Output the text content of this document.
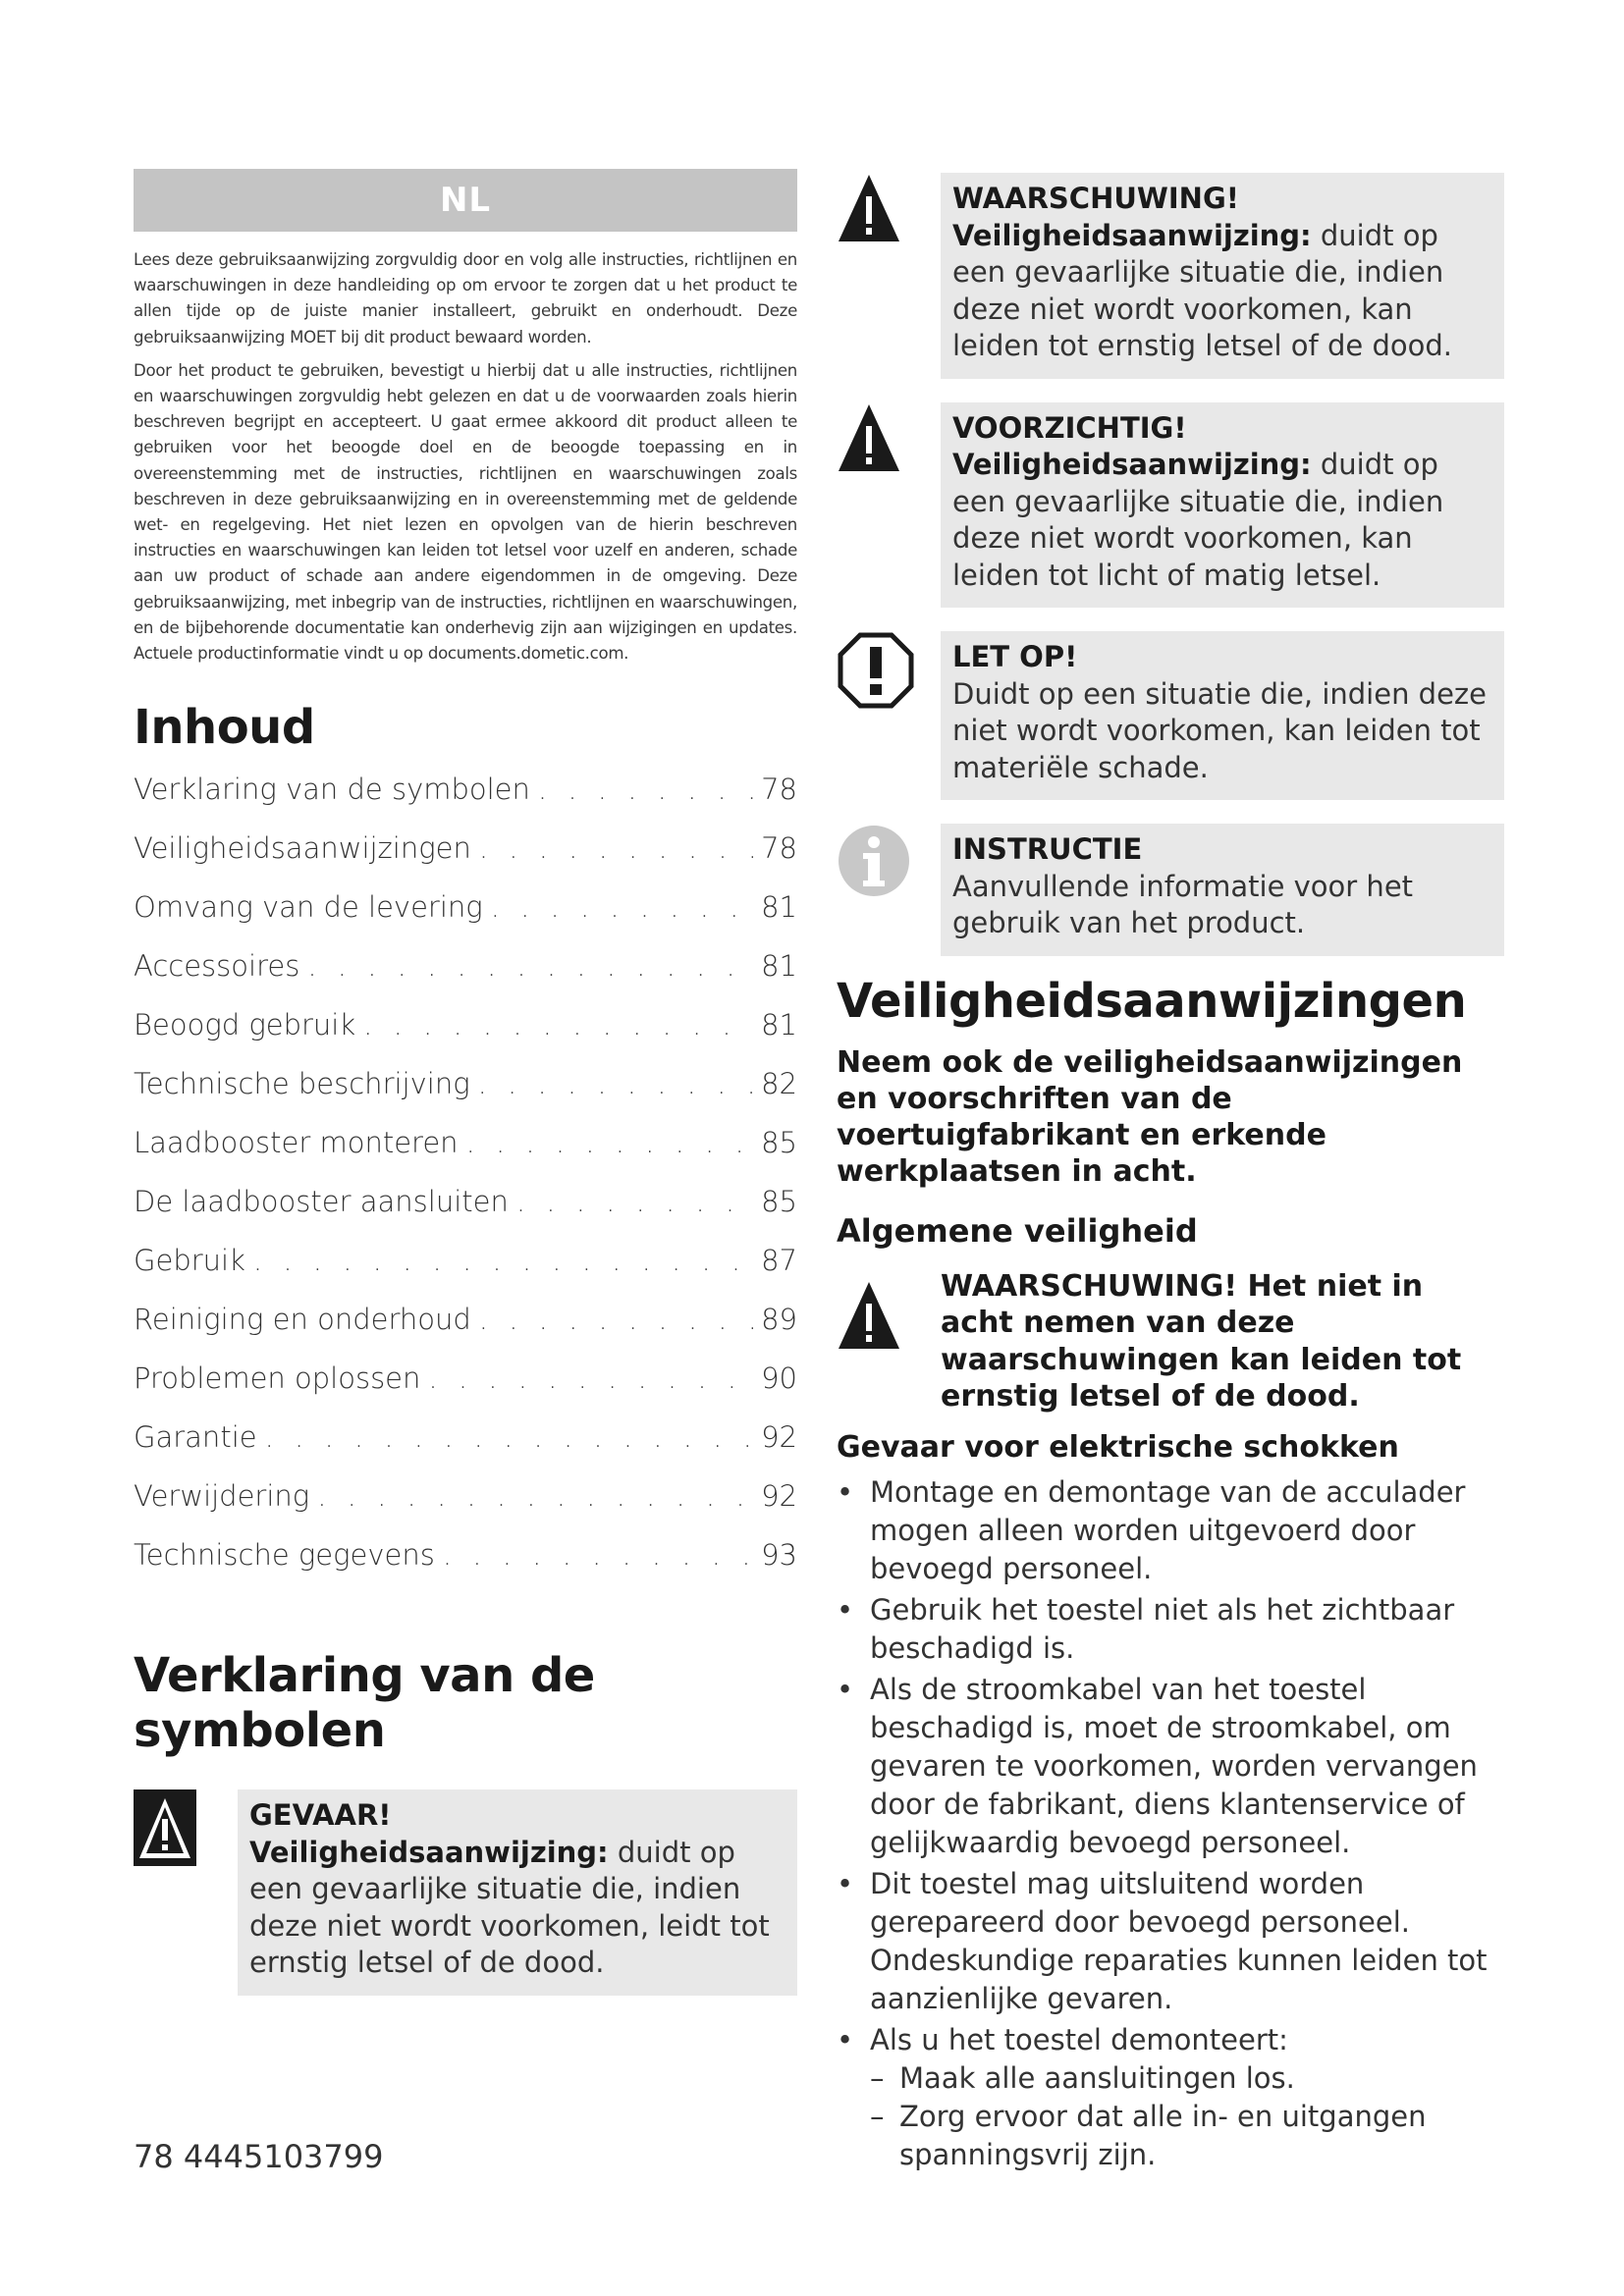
NL

Lees deze gebruiksaanwijzing zorgvuldig door en volg alle instructies, richtlijnen en waarschuwingen in deze handleiding op om ervoor te zorgen dat u het product te allen tijde op de juiste manier installeert, gebruikt en onderhoudt. Deze gebruiksaanwijzing MOET bij dit product bewaard worden.

Door het product te gebruiken, bevestigt u hierbij dat u alle instructies, richtlijnen en waarschuwingen zorgvuldig hebt gelezen en dat u de voorwaarden zoals hierin beschreven begrijpt en accepteert. U gaat ermee akkoord dit product alleen te gebruiken voor het beoogde doel en de beoogde toepassing en in overeenstemming met de instructies, richtlijnen en waarschuwingen zoals beschreven in deze gebruiksaanwijzing en in overeenstemming met de geldende wet- en regelgeving. Het niet lezen en opvolgen van de hierin beschreven instructies en waarschuwingen kan leiden tot letsel voor uzelf en anderen, schade aan uw product of schade aan andere eigendommen in de omgeving. Deze gebruiksaanwijzing, met inbegrip van de instructies, richtlijnen en waarschuwingen, en de bijbehorende documentatie kan onderhevig zijn aan wijzigingen en updates. Actuele productinformatie vindt u op documents.dometic.com.

Inhoud
Verklaring van de symbolen . . .	78
Veiligheidsaanwijzingen . . .	78
Omvang van de levering . . .	81
Accessoires . . .	81
Beoogd gebruik . . .	81
Technische beschrijving . . .	82
Laadbooster monteren . . .	85
De laadbooster aansluiten . . .	85
Gebruik . . .	87
Reiniging en onderhoud . . .	89
Problemen oplossen . . .	90
Garantie . . .	92
Verwijdering . . .	92
Technische gegevens . . .	93
Verklaring van de symbolen
GEVAAR!
Veiligheidsaanwijzing: duidt op een gevaarlijke situatie die, indien deze niet wordt voorkomen, leidt tot ernstig letsel of de dood.
WAARSCHUWING!
Veiligheidsaanwijzing: duidt op een gevaarlijke situatie die, indien deze niet wordt voorkomen, kan leiden tot ernstig letsel of de dood.
VOORZICHTIG!
Veiligheidsaanwijzing: duidt op een gevaarlijke situatie die, indien deze niet wordt voorkomen, kan leiden tot licht of matig letsel.
LET OP!
Duidt op een situatie die, indien deze niet wordt voorkomen, kan leiden tot materiële schade.
INSTRUCTIE
Aanvullende informatie voor het gebruik van het product.
Veiligheidsaanwijzingen

Neem ook de veiligheidsaanwijzingen en voorschriften van de voertuigfabrikant en erkende werkplaatsen in acht.

Algemene veiligheid
WAARSCHUWING! Het niet in acht nemen van deze waarschuwingen kan leiden tot ernstig letsel of de dood.
Gevaar voor elektrische schokken
• Montage en demontage van de acculader mogen alleen worden uitgevoerd door bevoegd personeel.
• Gebruik het toestel niet als het zichtbaar beschadigd is.
• Als de stroomkabel van het toestel beschadigd is, moet de stroomkabel, om gevaren te voorkomen, worden vervangen door de fabrikant, diens klantenservice of gelijkwaardig bevoegd personeel.
• Dit toestel mag uitsluitend worden gerepareerd door bevoegd personeel. Ondeskundige reparaties kunnen leiden tot aanzienlijke gevaren.
• Als u het toestel demonteert:
– Maak alle aansluitingen los.
– Zorg ervoor dat alle in- en uitgangen spanningsvrij zijn.
78 4445103799
